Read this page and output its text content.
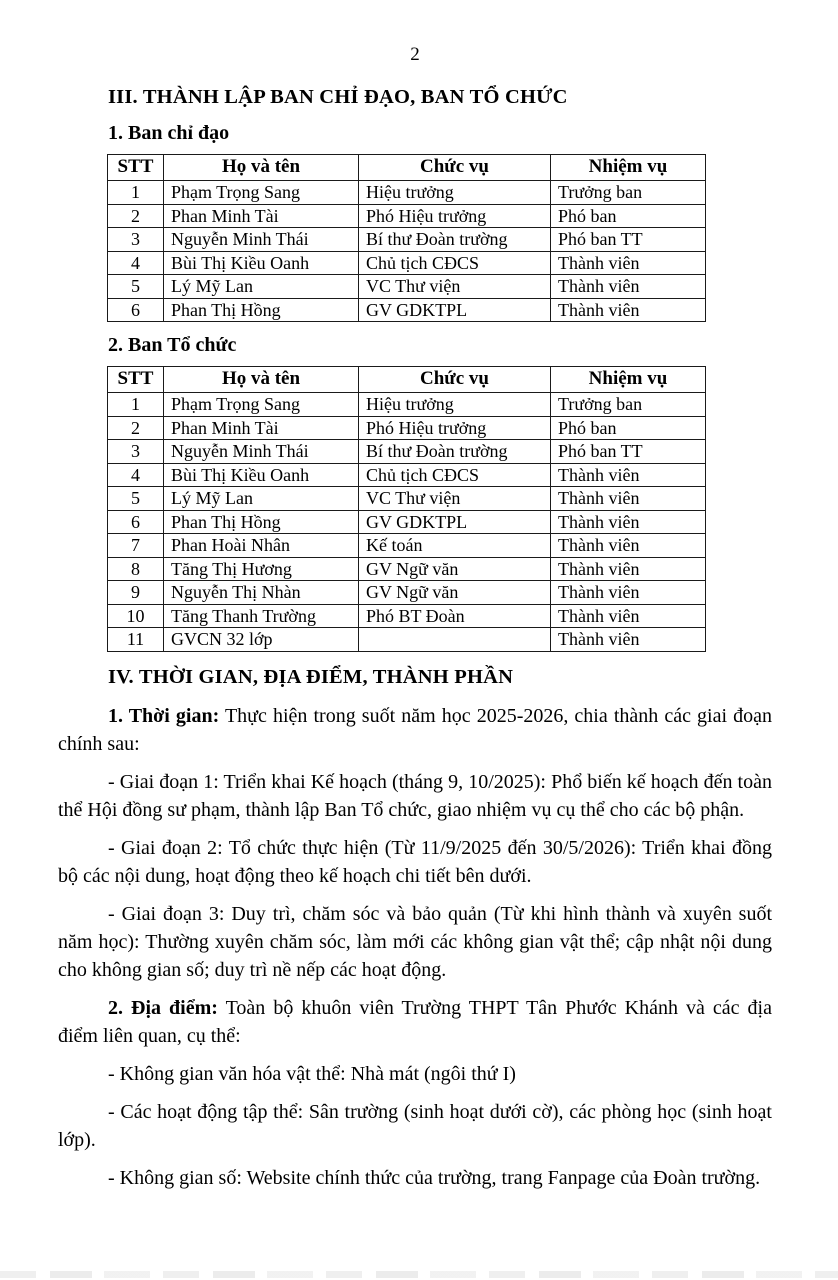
2

III. THÀNH LẬP BAN CHỈ ĐẠO, BAN TỔ CHỨC
1. Ban chỉ đạo
STT	Họ và tên	Chức vụ	Nhiệm vụ
1	Phạm Trọng Sang	Hiệu trưởng	Trưởng ban
2	Phan Minh Tài	Phó Hiệu trưởng	Phó ban
3	Nguyễn Minh Thái	Bí thư Đoàn trường	Phó ban TT
4	Bùi Thị Kiều Oanh	Chủ tịch CĐCS	Thành viên
5	Lý Mỹ Lan	VC Thư viện	Thành viên
6	Phan Thị Hồng	GV GDKTPL	Thành viên
2. Ban Tổ chức
STT	Họ và tên	Chức vụ	Nhiệm vụ
1	Phạm Trọng Sang	Hiệu trưởng	Trưởng ban
2	Phan Minh Tài	Phó Hiệu trưởng	Phó ban
3	Nguyễn Minh Thái	Bí thư Đoàn trường	Phó ban TT
4	Bùi Thị Kiều Oanh	Chủ tịch CĐCS	Thành viên
5	Lý Mỹ Lan	VC Thư viện	Thành viên
6	Phan Thị Hồng	GV GDKTPL	Thành viên
7	Phan Hoài Nhân	Kế toán	Thành viên
8	Tăng Thị Hương	GV Ngữ văn	Thành viên
9	Nguyễn Thị Nhàn	GV Ngữ văn	Thành viên
10	Tăng Thanh Trường	Phó BT Đoàn	Thành viên
11	GVCN 32 lớp		Thành viên
IV. THỜI GIAN, ĐỊA ĐIỂM, THÀNH PHẦN

1. Thời gian: Thực hiện trong suốt năm học 2025-2026, chia thành các giai đoạn chính sau:

- Giai đoạn 1: Triển khai Kế hoạch (tháng 9, 10/2025): Phổ biến kế hoạch đến toàn thể Hội đồng sư phạm, thành lập Ban Tổ chức, giao nhiệm vụ cụ thể cho các bộ phận.

- Giai đoạn 2: Tổ chức thực hiện (Từ 11/9/2025 đến 30/5/2026): Triển khai đồng bộ các nội dung, hoạt động theo kế hoạch chi tiết bên dưới.

- Giai đoạn 3: Duy trì, chăm sóc và bảo quản (Từ khi hình thành và xuyên suốt năm học): Thường xuyên chăm sóc, làm mới các không gian vật thể; cập nhật nội dung cho không gian số; duy trì nề nếp các hoạt động.

2. Địa điểm: Toàn bộ khuôn viên Trường THPT Tân Phước Khánh và các địa điểm liên quan, cụ thể:

- Không gian văn hóa vật thể: Nhà mát (ngôi thứ I)

- Các hoạt động tập thể: Sân trường (sinh hoạt dưới cờ), các phòng học (sinh hoạt lớp).

- Không gian số: Website chính thức của trường, trang Fanpage của Đoàn trường.
